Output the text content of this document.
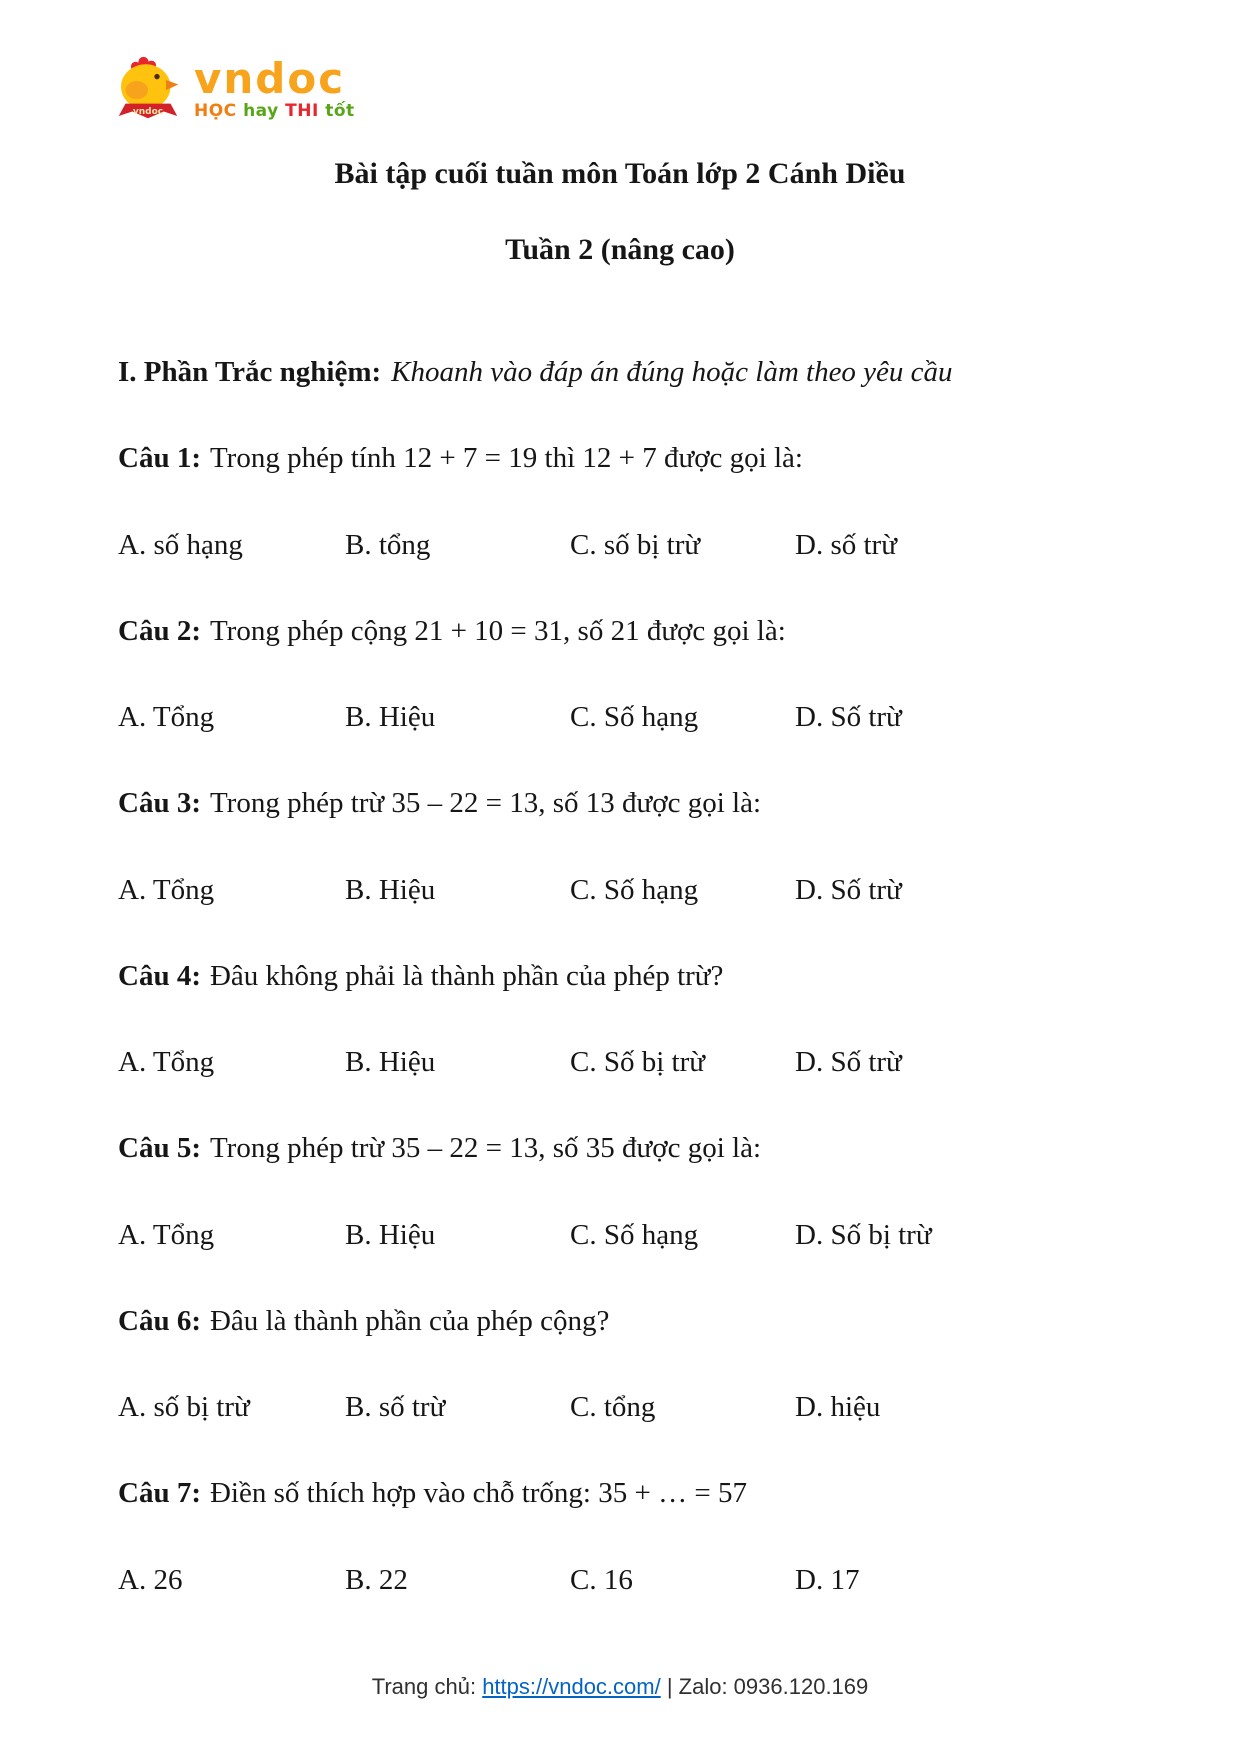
vndoc
vndoc
HỌC hay THI tốt
Bài tập cuối tuần môn Toán lớp 2 Cánh Diều
Tuần 2 (nâng cao)

I. Phần Trắc nghiệm: Khoanh vào đáp án đúng hoặc làm theo yêu cầu

Câu 1: Trong phép tính 12 + 7 = 19 thì 12 + 7 được gọi là:

A. số hạng	B. tổng	C. số bị trừ	D. số trừ

Câu 2: Trong phép cộng 21 + 10 = 31, số 21 được gọi là:

A. Tổng	B. Hiệu	C. Số hạng	D. Số trừ

Câu 3: Trong phép trừ 35 – 22 = 13, số 13 được gọi là:

A. Tổng	B. Hiệu	C. Số hạng	D. Số trừ

Câu 4: Đâu không phải là thành phần của phép trừ?

A. Tổng	B. Hiệu	C. Số bị trừ	D. Số trừ

Câu 5: Trong phép trừ 35 – 22 = 13, số 35 được gọi là:

A. Tổng	B. Hiệu	C. Số hạng	D. Số bị trừ

Câu 6: Đâu là thành phần của phép cộng?

A. số bị trừ	B. số trừ	C. tổng	D. hiệu

Câu 7: Điền số thích hợp vào chỗ trống: 35 + … = 57

A. 26	B. 22	C. 16	D. 17
Trang chủ: https://vndoc.com/ | Zalo: 0936.120.169
